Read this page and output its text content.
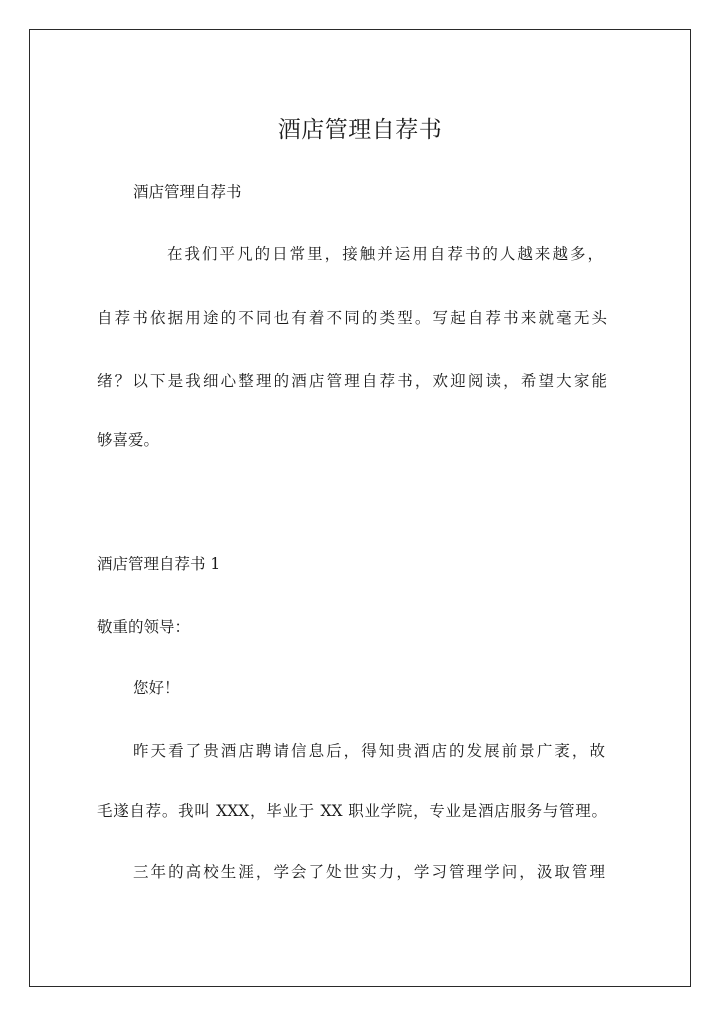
酒店管理自荐书

酒店管理自荐书

在我们平凡的日常里，接触并运用自荐书的人越来越多，

自荐书依据用途的不同也有着不同的类型。写起自荐书来就毫无头

绪？以下是我细心整理的酒店管理自荐书，欢迎阅读，希望大家能

够喜爱。

酒店管理自荐书 1

敬重的领导：

您好！

昨天看了贵酒店聘请信息后，得知贵酒店的发展前景广袤，故

毛遂自荐。我叫 XXX，毕业于 XX 职业学院，专业是酒店服务与管理。

三年的高校生涯，学会了处世实力，学习管理学问，汲取管理
